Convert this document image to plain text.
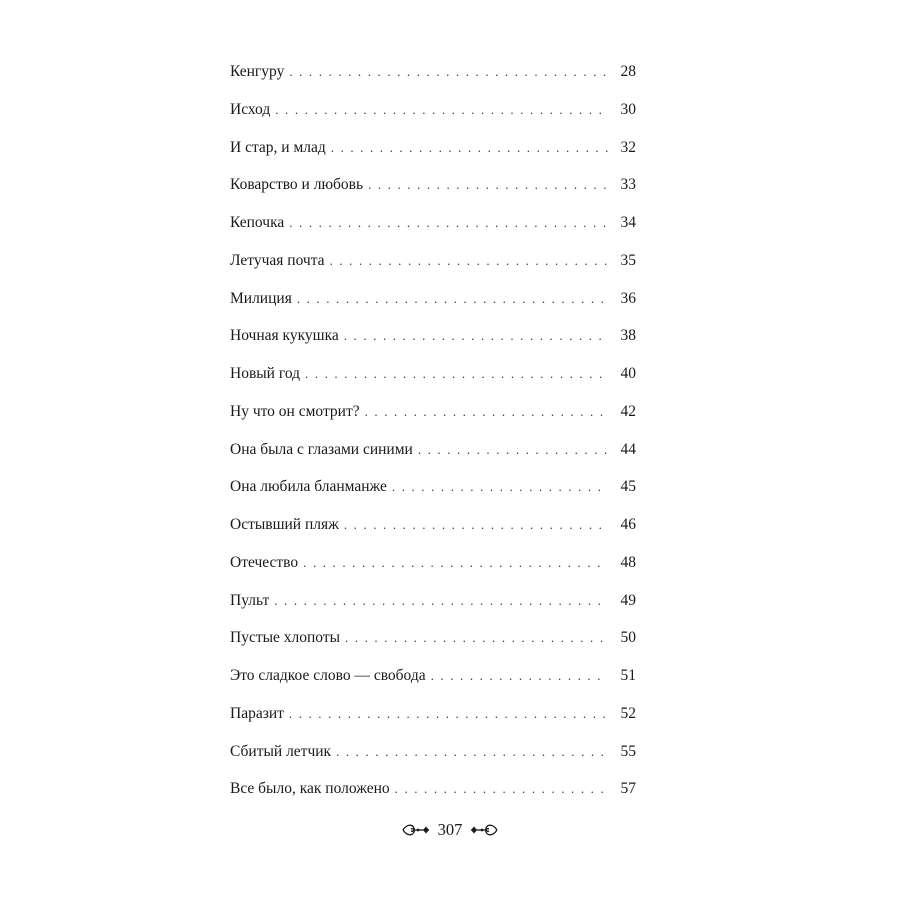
Кенгуру . . .	28
Исход . . .	30
И стар, и млад . . .	32
Коварство и любовь . . .	33
Кепочка . . .	34
Летучая почта . . .	35
Милиция . . .	36
Ночная кукушка . . .	38
Новый год . . .	40
Ну что он смотрит? . . .	42
Она была с глазами синими . . .	44
Она любила бланманже . . .	45
Остывший пляж . . .	46
Отечество . . .	48
Пульт . . .	49
Пустые хлопоты . . .	50
Это сладкое слово — свобода . . .	51
Паразит . . .	52
Сбитый летчик . . .	55
Все было, как положено . . .	57
307
